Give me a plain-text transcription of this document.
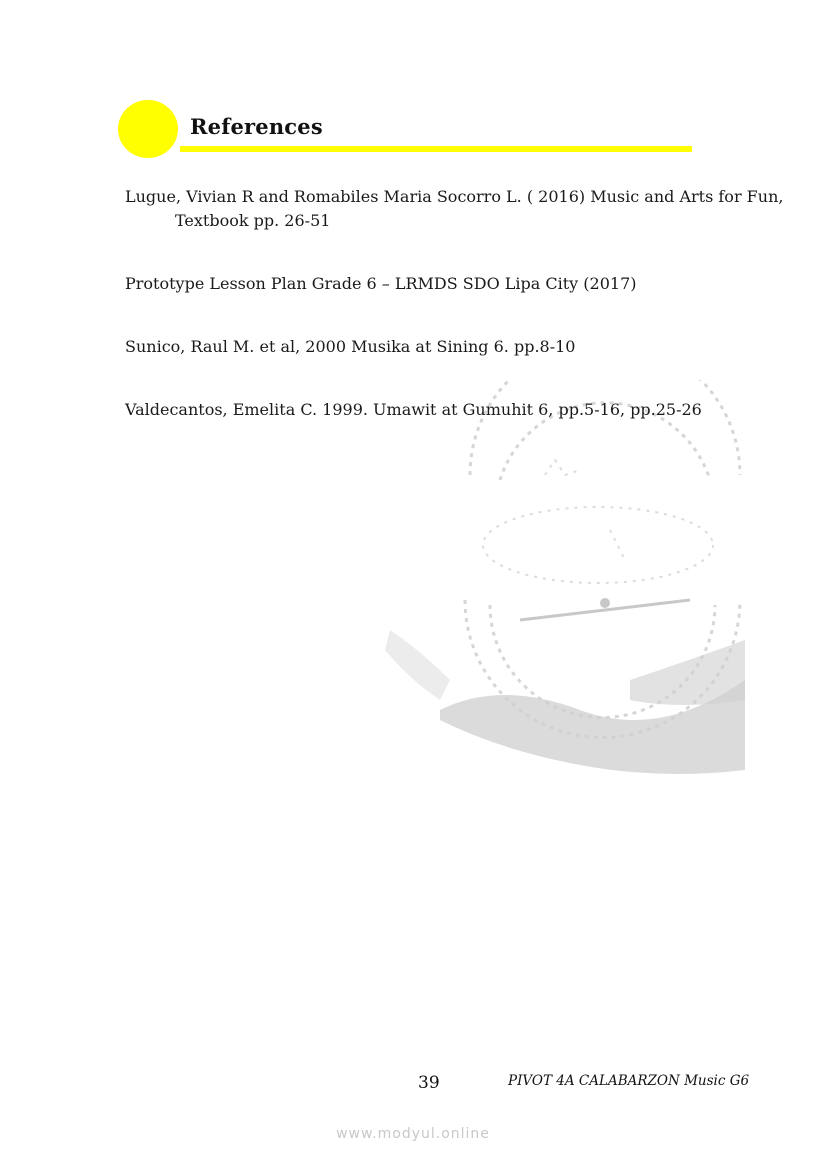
References
Lugue, Vivian R and Romabiles Maria Socorro L. ( 2016) Music and Arts for Fun, Textbook pp. 26-51
Prototype Lesson Plan Grade 6 – LRMDS SDO Lipa City (2017)
Sunico, Raul M. et al, 2000 Musika at Sining 6. pp.8-10
Valdecantos, Emelita C. 1999. Umawit at Gumuhit 6, pp.5-16, pp.25-26
39	PIVOT 4A CALABARZON Music G6
www.modyul.online
